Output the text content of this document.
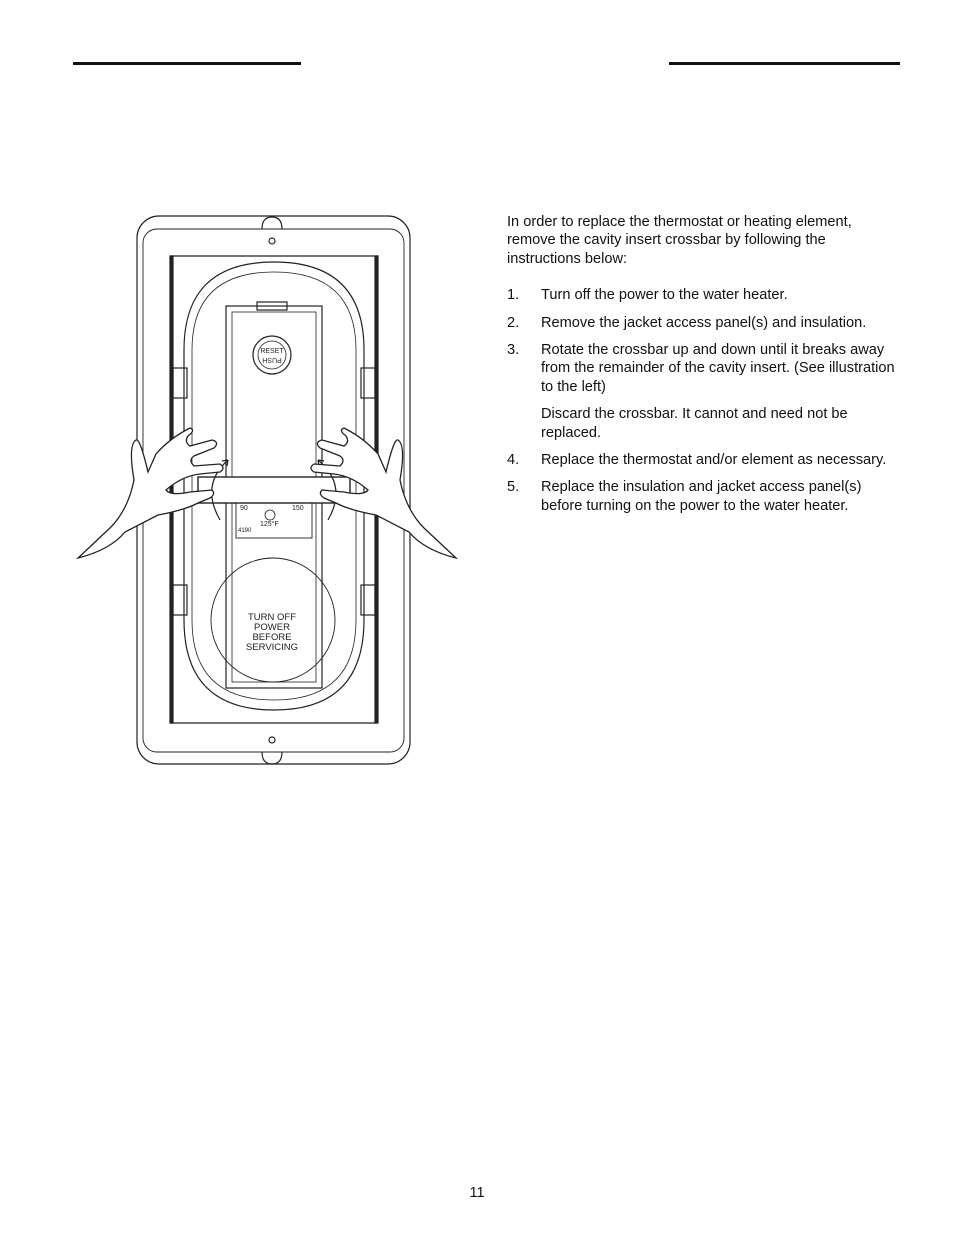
RESET
PUSH
90	150
125°F
4190
TURN OFF
POWER
BEFORE
SERVICING

In order to replace the thermostat or heating element, remove the cavity insert crossbar by following the instructions below:

1. Turn off the power to the water heater.

2. Remove the jacket access panel(s) and insulation.

3. Rotate the crossbar up and down until it breaks away from the remainder of the cavity insert. (See illustration to the left)

Discard the crossbar. It cannot and need not be replaced.

4. Replace the thermostat and/or element as necessary.

5. Replace the insulation and jacket access panel(s) before turning on the power to the water heater.

11
